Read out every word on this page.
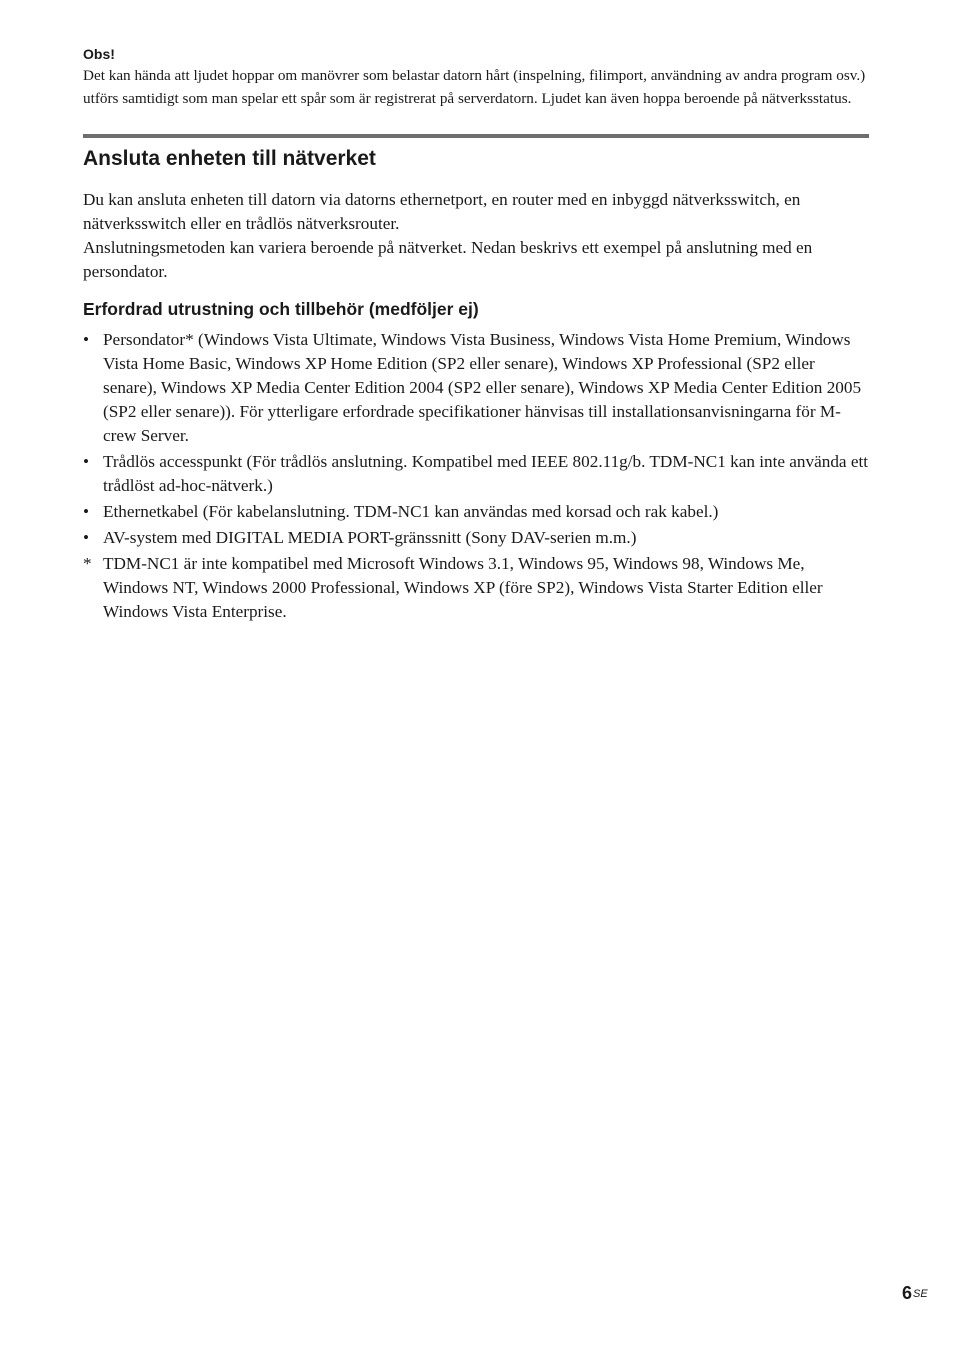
Obs!

Det kan hända att ljudet hoppar om manövrer som belastar datorn hårt (inspelning, filimport, användning av andra program osv.) utförs samtidigt som man spelar ett spår som är registrerat på serverdatorn. Ljudet kan även hoppa beroende på nätverksstatus.

Ansluta enheten till nätverket

Du kan ansluta enheten till datorn via datorns ethernetport, en router med en inbyggd nätverksswitch, en nätverksswitch eller en trådlös nätverksrouter.

Anslutningsmetoden kan variera beroende på nätverket. Nedan beskrivs ett exempel på anslutning med en persondator.

Erfordrad utrustning och tillbehör (medföljer ej)
• Persondator* (Windows Vista Ultimate, Windows Vista Business, Windows Vista Home Premium, Windows Vista Home Basic, Windows XP Home Edition (SP2 eller senare), Windows XP Professional (SP2 eller senare), Windows XP Media Center Edition 2004 (SP2 eller senare), Windows XP Media Center Edition 2005 (SP2 eller senare)). För ytterligare erfordrade specifikationer hänvisas till installationsanvisningarna för M-crew Server.
• Trådlös accesspunkt (För trådlös anslutning. Kompatibel med IEEE 802.11g/b. TDM-NC1 kan inte använda ett trådlöst ad-hoc-nätverk.)
• Ethernetkabel (För kabelanslutning. TDM-NC1 kan användas med korsad och rak kabel.)
• AV-system med DIGITAL MEDIA PORT-gränssnitt (Sony DAV-serien m.m.)
* TDM-NC1 är inte kompatibel med Microsoft Windows 3.1, Windows 95, Windows 98, Windows Me, Windows NT, Windows 2000 Professional, Windows XP (före SP2), Windows Vista Starter Edition eller Windows Vista Enterprise.
$6^{SE}$
